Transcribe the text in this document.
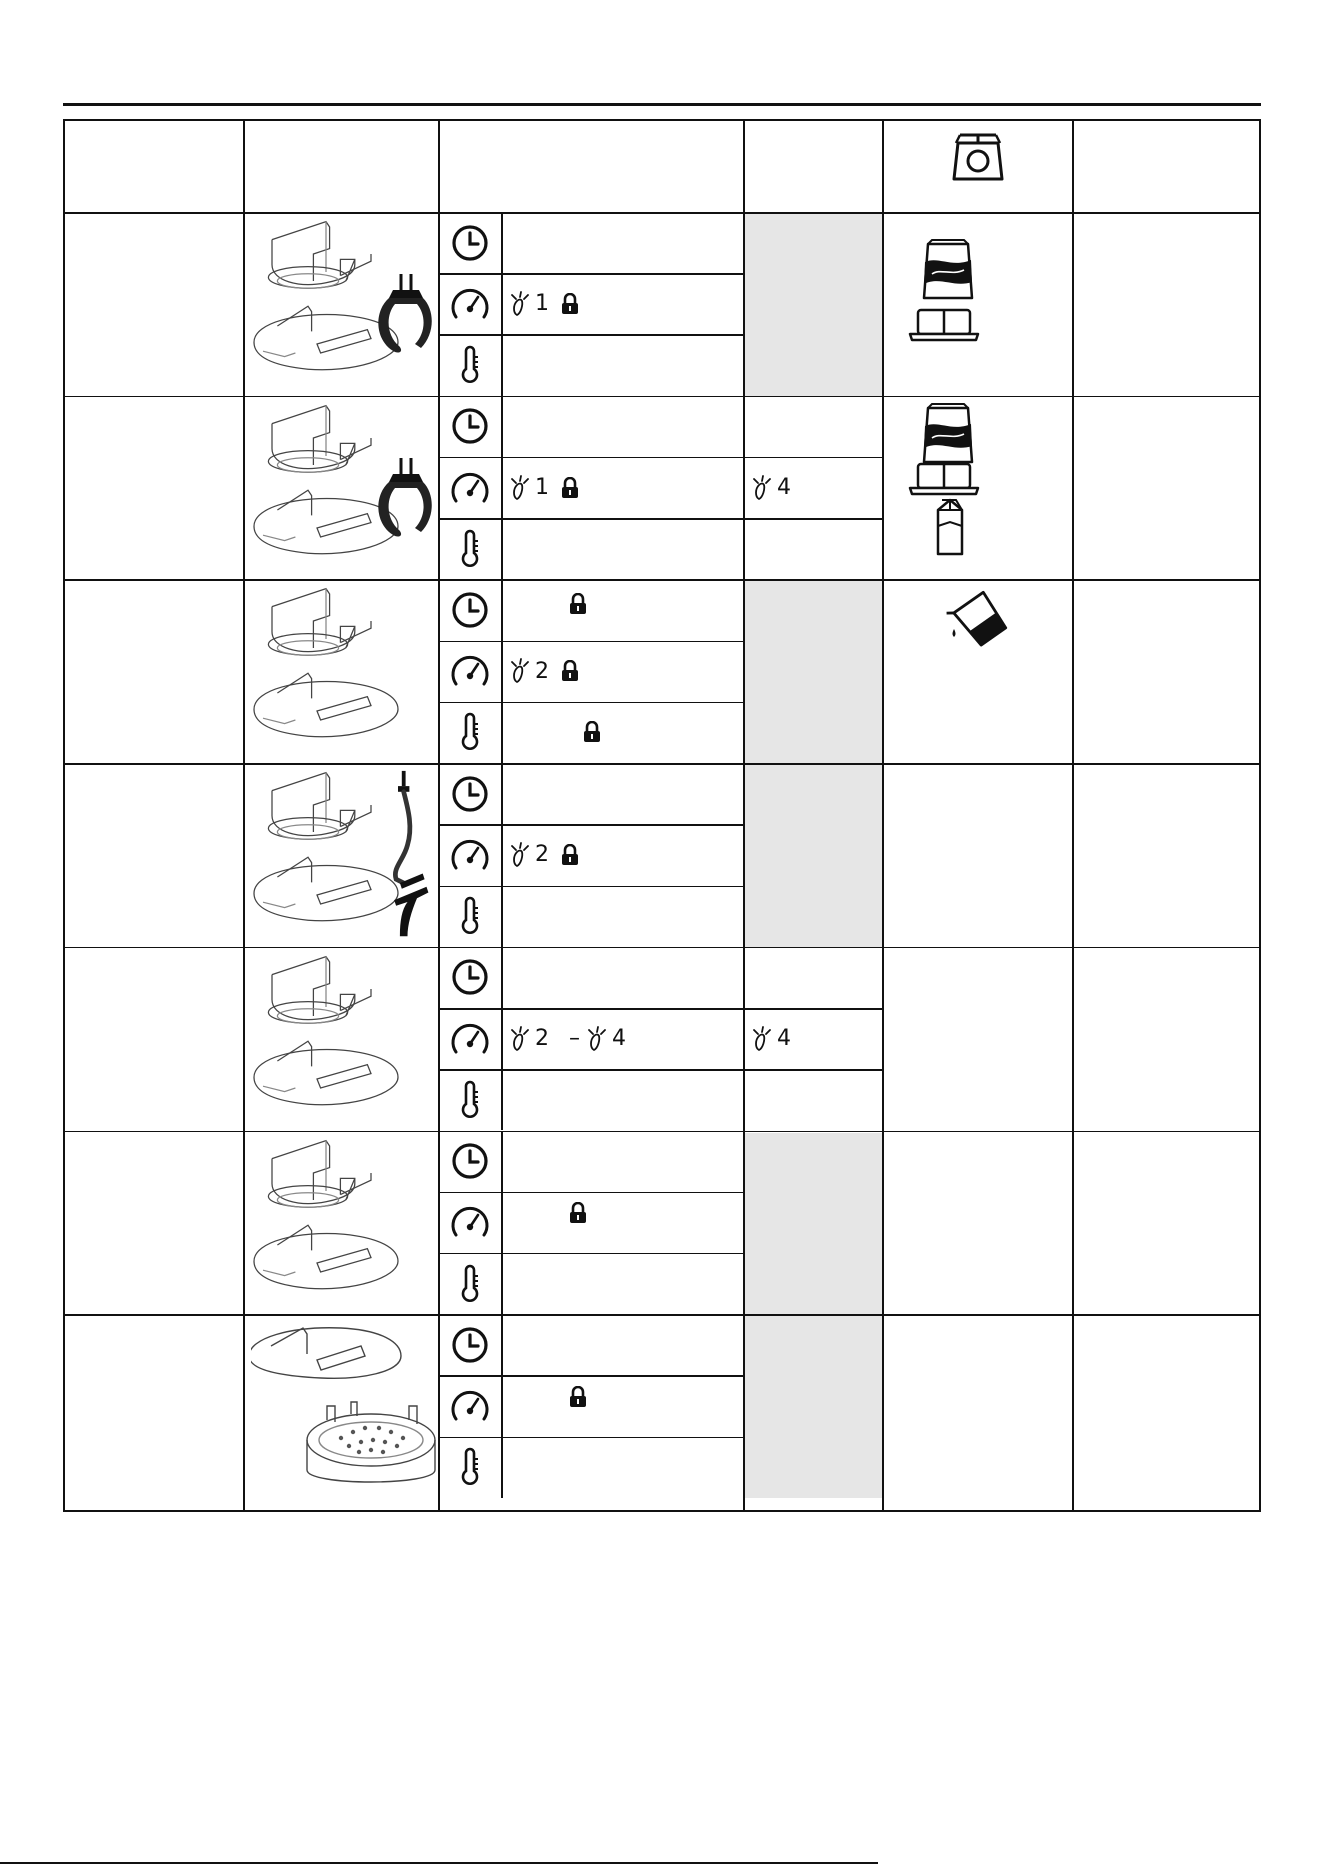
1
1	4
2
2
2 – 4	4
